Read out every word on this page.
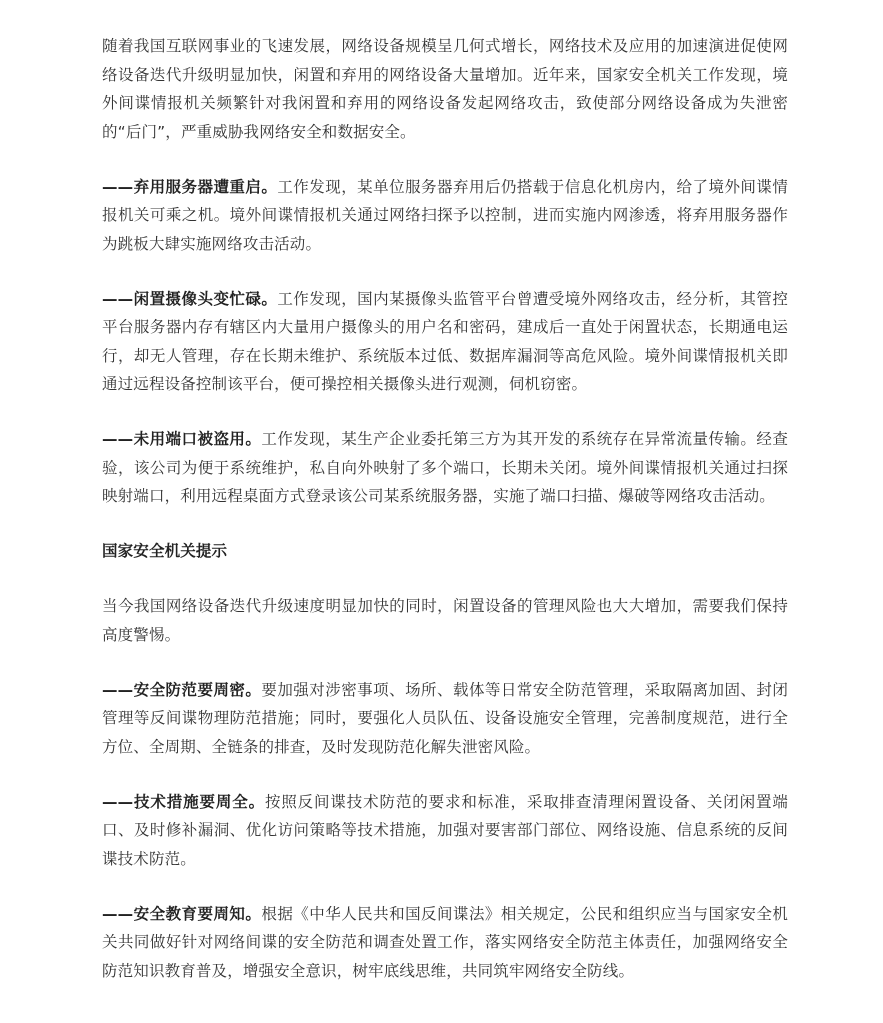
随着我国互联网事业的飞速发展，网络设备规模呈几何式增长，网络技术及应用的加速演进促使网络设备迭代升级明显加快，闲置和弃用的网络设备大量增加。近年来，国家安全机关工作发现，境外间谍情报机关频繁针对我闲置和弃用的网络设备发起网络攻击，致使部分网络设备成为失泄密的“后门”，严重威胁我网络安全和数据安全。

——弃用服务器遭重启。工作发现，某单位服务器弃用后仍搭载于信息化机房内，给了境外间谍情报机关可乘之机。境外间谍情报机关通过网络扫探予以控制，进而实施内网渗透，将弃用服务器作为跳板大肆实施网络攻击活动。

——闲置摄像头变忙碌。工作发现，国内某摄像头监管平台曾遭受境外网络攻击，经分析，其管控平台服务器内存有辖区内大量用户摄像头的用户名和密码，建成后一直处于闲置状态，长期通电运行，却无人管理，存在长期未维护、系统版本过低、数据库漏洞等高危风险。境外间谍情报机关即通过远程设备控制该平台，便可操控相关摄像头进行观测，伺机窃密。

——未用端口被盗用。工作发现，某生产企业委托第三方为其开发的系统存在异常流量传输。经查验，该公司为便于系统维护，私自向外映射了多个端口，长期未关闭。境外间谍情报机关通过扫探映射端口，利用远程桌面方式登录该公司某系统服务器，实施了端口扫描、爆破等网络攻击活动。

国家安全机关提示

当今我国网络设备迭代升级速度明显加快的同时，闲置设备的管理风险也大大增加，需要我们保持高度警惕。

——安全防范要周密。要加强对涉密事项、场所、载体等日常安全防范管理，采取隔离加固、封闭管理等反间谍物理防范措施；同时，要强化人员队伍、设备设施安全管理，完善制度规范，进行全方位、全周期、全链条的排查，及时发现防范化解失泄密风险。

——技术措施要周全。按照反间谍技术防范的要求和标准，采取排查清理闲置设备、关闭闲置端口、及时修补漏洞、优化访问策略等技术措施，加强对要害部门部位、网络设施、信息系统的反间谍技术防范。

——安全教育要周知。根据《中华人民共和国反间谍法》相关规定，公民和组织应当与国家安全机关共同做好针对网络间谍的安全防范和调查处置工作，落实网络安全防范主体责任，加强网络安全防范知识教育普及，增强安全意识，树牢底线思维，共同筑牢网络安全防线。
